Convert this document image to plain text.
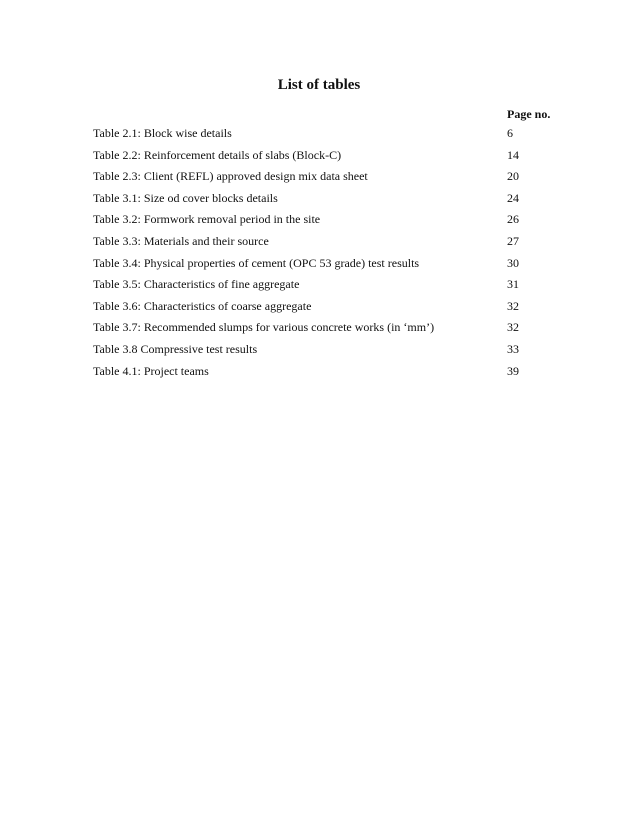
List of tables
Page no.
Table 2.1: Block wise details	6
Table 2.2: Reinforcement details of slabs (Block-C)	14
Table 2.3: Client (REFL) approved design mix data sheet	20
Table 3.1: Size od cover blocks details	24
Table 3.2: Formwork removal period in the site	26
Table 3.3: Materials and their source	27
Table 3.4: Physical properties of cement (OPC 53 grade) test results	30
Table 3.5: Characteristics of fine aggregate	31
Table 3.6: Characteristics of coarse aggregate	32
Table 3.7: Recommended slumps for various concrete works (in ‘mm’)	32
Table 3.8 Compressive test results	33
Table 4.1: Project teams	39
